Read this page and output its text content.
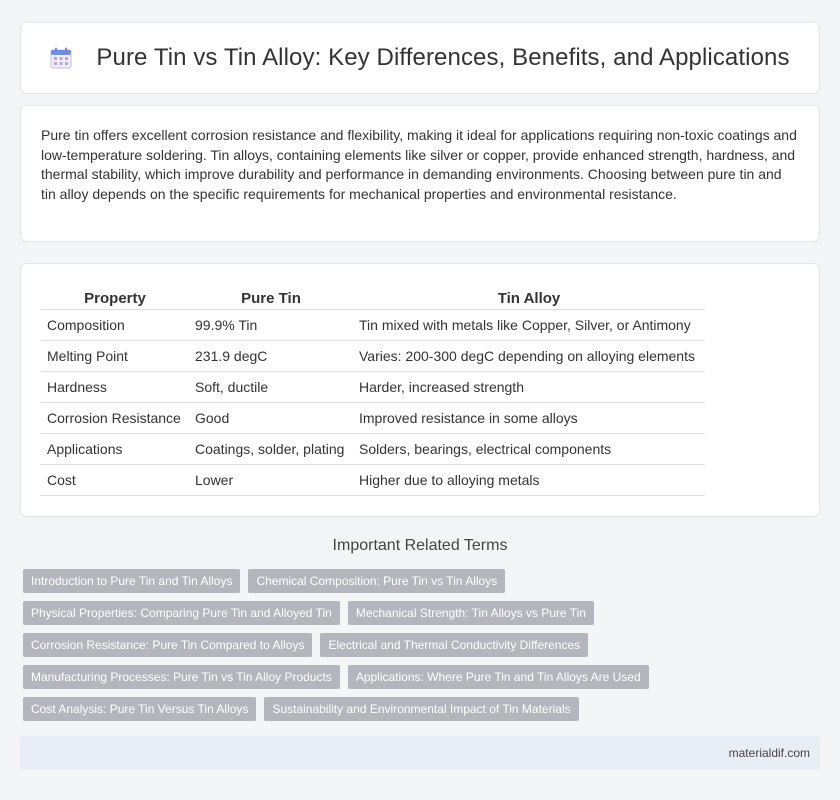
Pure Tin vs Tin Alloy: Key Differences, Benefits, and Applications

Pure tin offers excellent corrosion resistance and flexibility, making it ideal for applications requiring non-toxic coatings and low-temperature soldering. Tin alloys, containing elements like silver or copper, provide enhanced strength, hardness, and thermal stability, which improve durability and performance in demanding environments. Choosing between pure tin and tin alloy depends on the specific requirements for mechanical properties and environmental resistance.

Property	Pure Tin	Tin Alloy
Composition	99.9% Tin	Tin mixed with metals like Copper, Silver, or Antimony
Melting Point	231.9 degC	Varies: 200-300 degC depending on alloying elements
Hardness	Soft, ductile	Harder, increased strength
Corrosion Resistance	Good	Improved resistance in some alloys
Applications	Coatings, solder, plating	Solders, bearings, electrical components
Cost	Lower	Higher due to alloying metals
Important Related Terms
Introduction to Pure Tin and Tin Alloys	Chemical Composition: Pure Tin vs Tin Alloys
Physical Properties: Comparing Pure Tin and Alloyed Tin	Mechanical Strength: Tin Alloys vs Pure Tin
Corrosion Resistance: Pure Tin Compared to Alloys	Electrical and Thermal Conductivity Differences
Manufacturing Processes: Pure Tin vs Tin Alloy Products	Applications: Where Pure Tin and Tin Alloys Are Used
Cost Analysis: Pure Tin Versus Tin Alloys	Sustainability and Environmental Impact of Tin Materials
materialdif.com
